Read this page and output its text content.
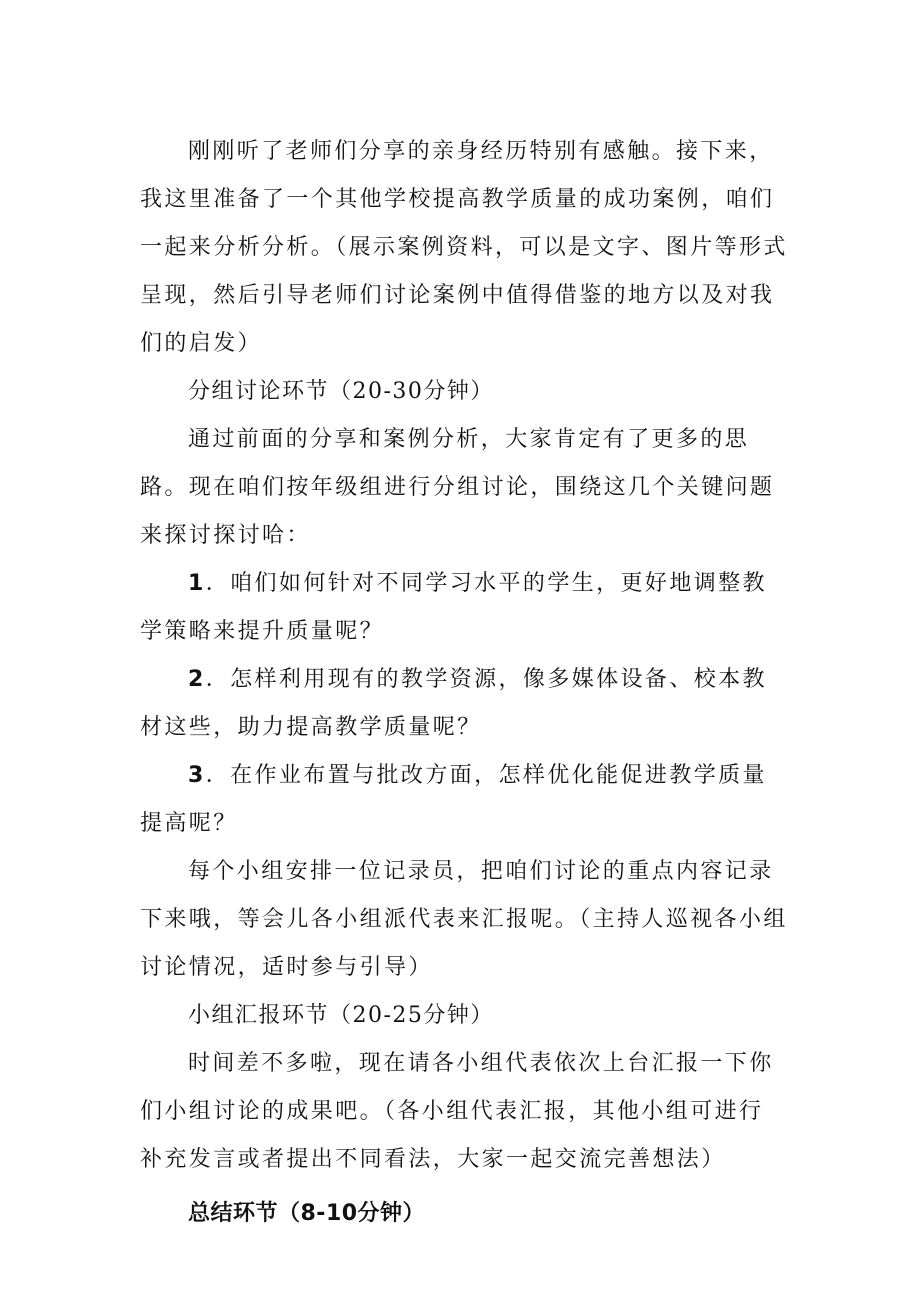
刚刚听了老师们分享的亲身经历特别有感触。接下来，我这里准备了一个其他学校提高教学质量的成功案例，咱们一起来分析分析。（展示案例资料，可以是文字、图片等形式呈现，然后引导老师们讨论案例中值得借鉴的地方以及对我们的启发）

分组讨论环节（20-30分钟）

通过前面的分享和案例分析，大家肯定有了更多的思路。现在咱们按年级组进行分组讨论，围绕这几个关键问题来探讨探讨哈：

1．咱们如何针对不同学习水平的学生，更好地调整教学策略来提升质量呢？

2．怎样利用现有的教学资源，像多媒体设备、校本教材这些，助力提高教学质量呢？

3．在作业布置与批改方面，怎样优化能促进教学质量提高呢？

每个小组安排一位记录员，把咱们讨论的重点内容记录下来哦，等会儿各小组派代表来汇报呢。（主持人巡视各小组讨论情况，适时参与引导）

小组汇报环节（20-25分钟）

时间差不多啦，现在请各小组代表依次上台汇报一下你们小组讨论的成果吧。（各小组代表汇报，其他小组可进行

补充发言或者提出不同看法，大家一起交流完善想法）

总结环节（8-10分钟）
